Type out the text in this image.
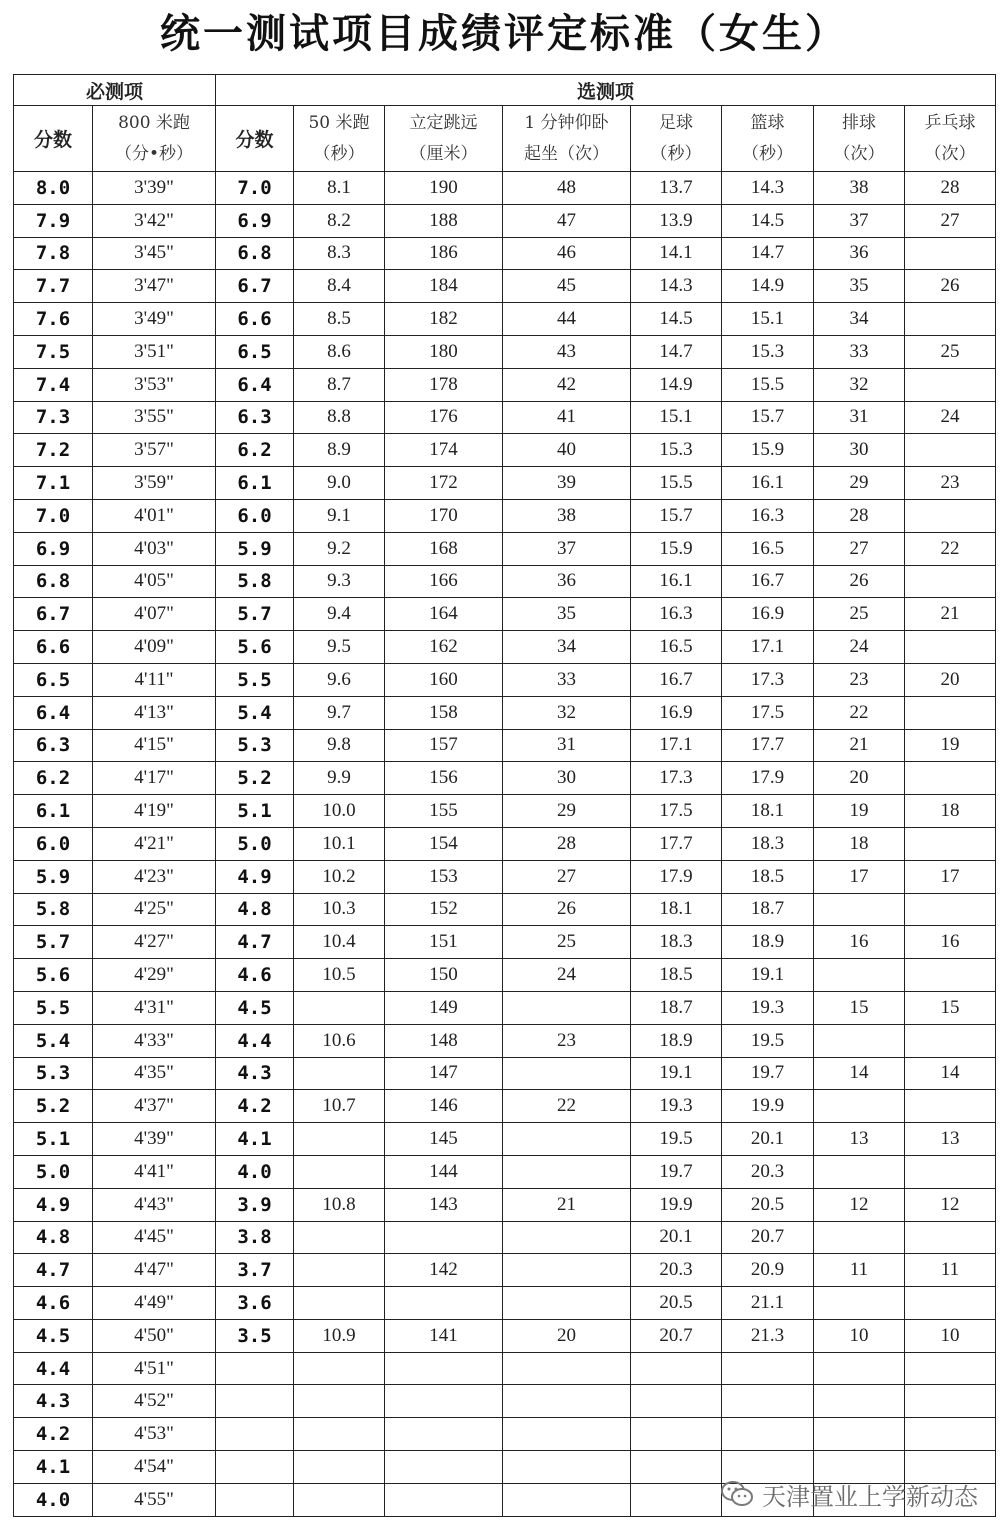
统一测试项目成绩评定标准（女生）
必测项		选测项							
分数	800 米跑
（分•秒）	分数	50 米跑
（秒）	立定跳远
（厘米）	1 分钟仰卧
起坐（次）	足球
（秒）	篮球
（秒）	排球
（次）	乒乓球
（次）

8.0	3'39"	7.0	8.1	190	48	13.7	14.3	38	28
7.9	3'42"	6.9	8.2	188	47	13.9	14.5	37	27
7.8	3'45"	6.8	8.3	186	46	14.1	14.7	36	
7.7	3'47"	6.7	8.4	184	45	14.3	14.9	35	26
7.6	3'49"	6.6	8.5	182	44	14.5	15.1	34	
7.5	3'51"	6.5	8.6	180	43	14.7	15.3	33	25
7.4	3'53"	6.4	8.7	178	42	14.9	15.5	32	
7.3	3'55"	6.3	8.8	176	41	15.1	15.7	31	24
7.2	3'57"	6.2	8.9	174	40	15.3	15.9	30	
7.1	3'59"	6.1	9.0	172	39	15.5	16.1	29	23
7.0	4'01"	6.0	9.1	170	38	15.7	16.3	28	
6.9	4'03"	5.9	9.2	168	37	15.9	16.5	27	22
6.8	4'05"	5.8	9.3	166	36	16.1	16.7	26	
6.7	4'07"	5.7	9.4	164	35	16.3	16.9	25	21
6.6	4'09"	5.6	9.5	162	34	16.5	17.1	24	
6.5	4'11"	5.5	9.6	160	33	16.7	17.3	23	20
6.4	4'13"	5.4	9.7	158	32	16.9	17.5	22	
6.3	4'15"	5.3	9.8	157	31	17.1	17.7	21	19
6.2	4'17"	5.2	9.9	156	30	17.3	17.9	20	
6.1	4'19"	5.1	10.0	155	29	17.5	18.1	19	18
6.0	4'21"	5.0	10.1	154	28	17.7	18.3	18	
5.9	4'23"	4.9	10.2	153	27	17.9	18.5	17	17
5.8	4'25"	4.8	10.3	152	26	18.1	18.7		
5.7	4'27"	4.7	10.4	151	25	18.3	18.9	16	16
5.6	4'29"	4.6	10.5	150	24	18.5	19.1		
5.5	4'31"	4.5		149		18.7	19.3	15	15
5.4	4'33"	4.4	10.6	148	23	18.9	19.5		
5.3	4'35"	4.3		147		19.1	19.7	14	14
5.2	4'37"	4.2	10.7	146	22	19.3	19.9		
5.1	4'39"	4.1		145		19.5	20.1	13	13
5.0	4'41"	4.0		144		19.7	20.3		
4.9	4'43"	3.9	10.8	143	21	19.9	20.5	12	12
4.8	4'45"	3.8				20.1	20.7		
4.7	4'47"	3.7		142		20.3	20.9	11	11
4.6	4'49"	3.6				20.5	21.1		
4.5	4'50"	3.5	10.9	141	20	20.7	21.3	10	10
4.4	4'51"								
4.3	4'52"								
4.2	4'53"								
4.1	4'54"								
4.0	4'55"									天津置业上学新动态
